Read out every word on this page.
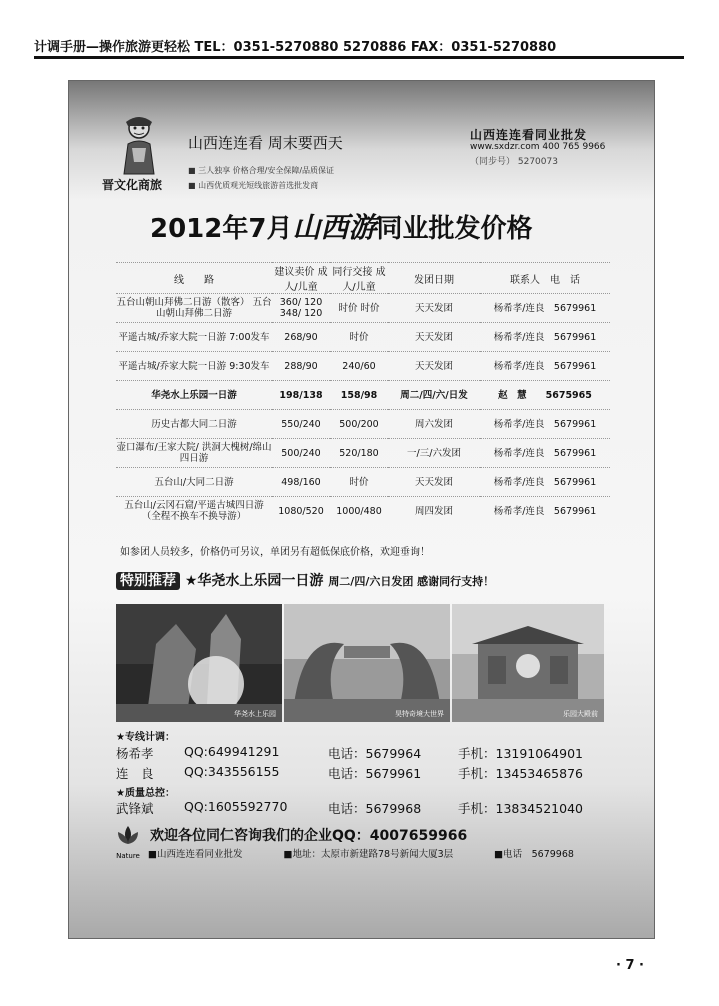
计调手册—操作旅游更轻松 TEL：0351-5270880 5270886 FAX：0351-5270880
晋文化商旅
山西连连看 周末要西天
■ 三人独享 价格合理/安全保障/品质保证
■ 山西优质观光短线旅游首选批发商
山西连连看同业批发
www.sxdzr.com 400 765 9966
（同步号） 5270073
2012年7月山西游同业批发价格
线　　路	建议卖价 成人/儿童	同行交接 成人/儿童	发团日期	联系人　电　话
五台山朝山拜佛二日游（散客） 五台山朝山拜佛二日游	360/ 120 348/ 120	时价 时价	天天发团	杨希孝/连良　5679961
平遥古城/乔家大院一日游 7:00发车	268/90	时价	天天发团	杨希孝/连良　5679961
平遥古城/乔家大院一日游 9:30发车	288/90	240/60	天天发团	杨希孝/连良　5679961
华尧水上乐园一日游	198/138	158/98	周二/四/六/日发	赵　慧　　5675965
历史古都大同二日游	550/240	500/200	周六发团	杨希孝/连良　5679961
壶口瀑布/王家大院/ 洪洞大槐树/绵山四日游	500/240	520/180	一/三/六发团	杨希孝/连良　5679961
五台山/大同二日游	498/160	时价	天天发团	杨希孝/连良　5679961
五台山/云冈石窟/平遥古城四日游 （全程不换车不换导游）	1080/520	1000/480	周四发团	杨希孝/连良　5679961
如参团人员较多，价格仍可另议，单团另有超低保底价格，欢迎垂询！
特别推荐 ★华尧水上乐园一日游 周二/四/六日发团 感谢同行支持！
华尧水上乐园	昊特奇境大世界	乐园大殿前
★专线计调：
杨希孝 QQ:649941291	电话：5679964	手机：13191064901
连　良 QQ:343556155	电话：5679961	手机：13453465876
★质量总控：
武锋斌 QQ:1605592770	电话：5679968	手机：13834521040
Nature
欢迎各位同仁咨询我们的企业QQ：4007659966
■山西连连看同业批发	■地址：太原市新建路78号新闻大厦3层	■电话　5679968
· 7 ·
